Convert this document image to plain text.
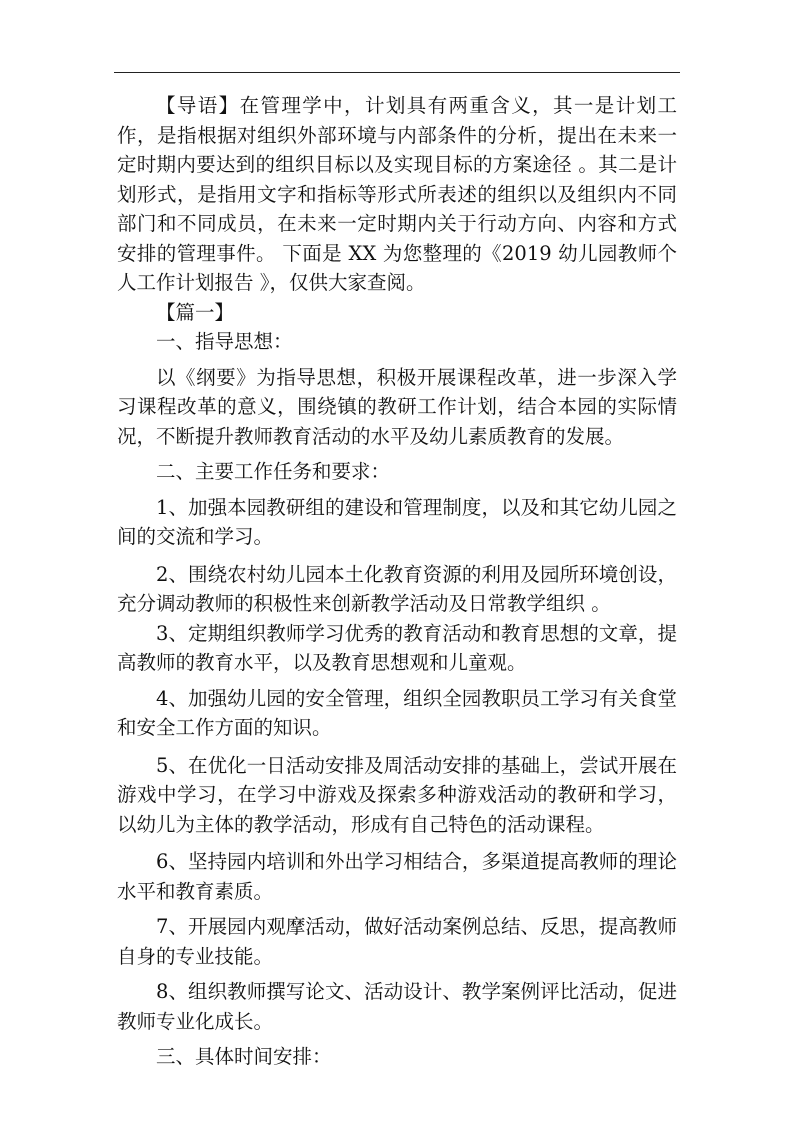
【导语】在管理学中，计划具有两重含义，其一是计划工作，是指根据对组织外部环境与内部条件的分析，提出在未来一定时期内要达到的组织目标以及实现目标的方案途径 。其二是计划形式，是指用文字和指标等形式所表述的组织以及组织内不同部门和不同成员，在未来一定时期内关于行动方向、内容和方式安排的管理事件。 下面是 XX 为您整理的《2019 幼儿园教师个人工作计划报告 》，仅供大家查阅。

【篇一】

一、指导思想：

以《纲要》为指导思想，积极开展课程改革，进一步深入学习课程改革的意义，围绕镇的教研工作计划，结合本园的实际情况，不断提升教师教育活动的水平及幼儿素质教育的发展。

二、主要工作任务和要求：

1、加强本园教研组的建设和管理制度，以及和其它幼儿园之间的交流和学习。

2、围绕农村幼儿园本土化教育资源的利用及园所环境创设，充分调动教师的积极性来创新教学活动及日常教学组织 。

3、定期组织教师学习优秀的教育活动和教育思想的文章，提高教师的教育水平，以及教育思想观和儿童观。

4、加强幼儿园的安全管理，组织全园教职员工学习有关食堂和安全工作方面的知识。

5、在优化一日活动安排及周活动安排的基础上，尝试开展在游戏中学习，在学习中游戏及探索多种游戏活动的教研和学习，以幼儿为主体的教学活动，形成有自己特色的活动课程。

6、坚持园内培训和外出学习相结合，多渠道提高教师的理论水平和教育素质。

7、开展园内观摩活动，做好活动案例总结、反思，提高教师自身的专业技能。

8、组织教师撰写论文、活动设计、教学案例评比活动，促进教师专业化成长。

三、具体时间安排：
